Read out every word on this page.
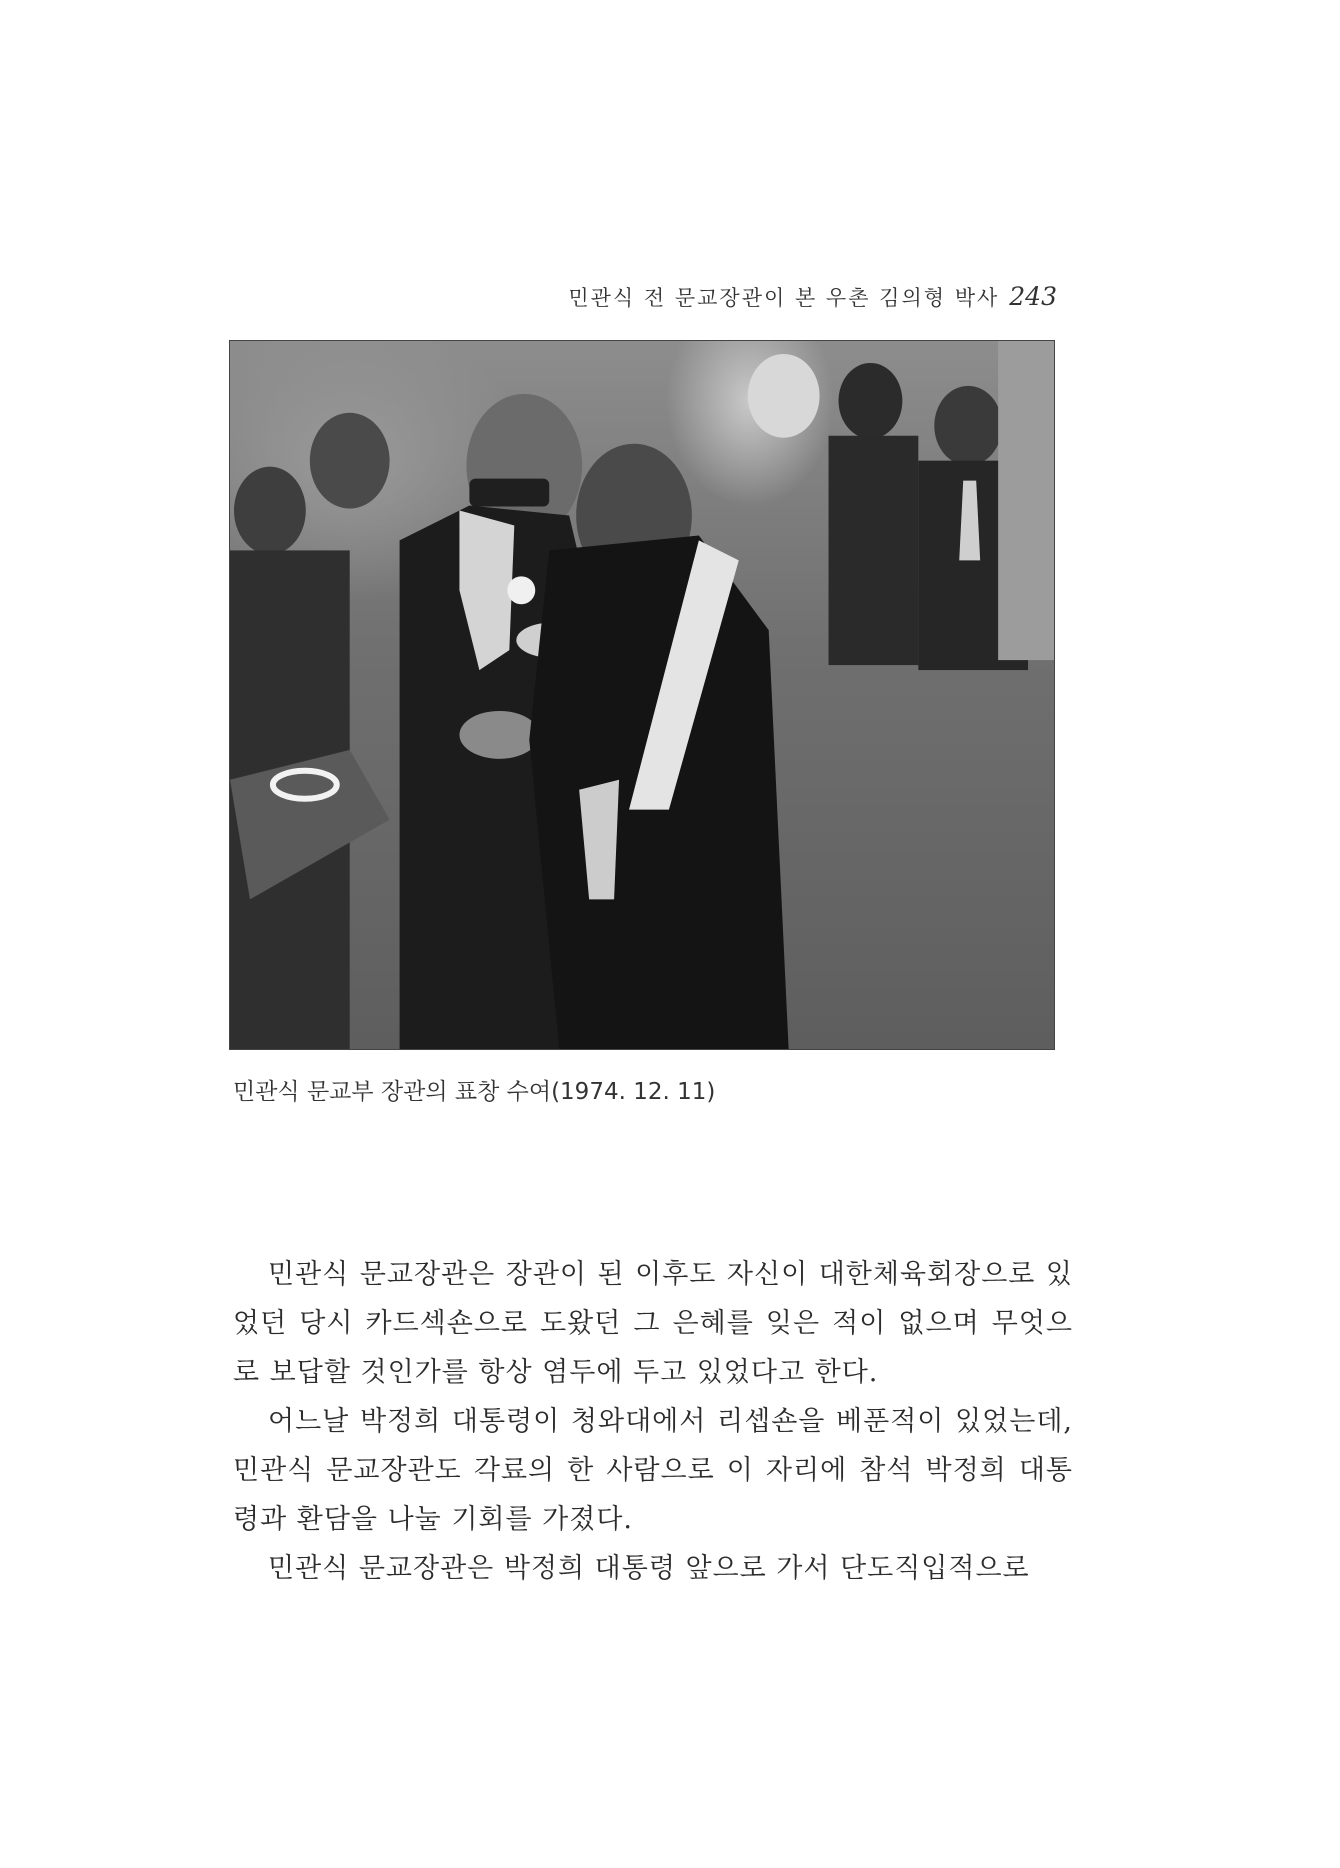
민관식 전 문교장관이 본 우촌 김의형 박사 243
민관식 문교부 장관의 표창 수여(1974. 12. 11)

민관식 문교장관은 장관이 된 이후도 자신이 대한체육회장으로 있었던 당시 카드섹숀으로 도왔던 그 은혜를 잊은 적이 없으며 무엇으로 보답할 것인가를 항상 염두에 두고 있었다고 한다.

어느날 박정희 대통령이 청와대에서 리셉숀을 베푼적이 있었는데, 민관식 문교장관도 각료의 한 사람으로 이 자리에 참석 박정희 대통령과 환담을 나눌 기회를 가졌다.

민관식 문교장관은 박정희 대통령 앞으로 가서 단도직입적으로
